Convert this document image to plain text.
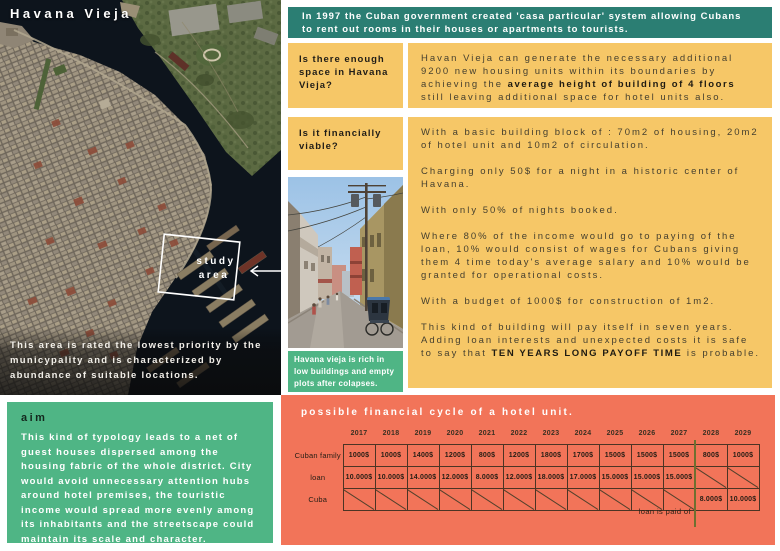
study
area
Havana Vieja
This area is rated the lowest priority by the municypality and is characterized by abundance of suitable locations.
In 1997 the Cuban government created 'casa particular' system allowing Cubans
to rent out rooms in their houses or apartments to tourists.
Is there enough space in Havana Vieja?

Havan Vieja can generate the necessary additional 9200 new housing units within its boundaries by achieving the average height of building of 4 floors still leaving additional space for hotel units also.

Is it financially viable?

With a basic building block of : 70m2 of housing, 20m2 of hotel unit and 10m2 of circulation.

Charging only 50$ for a night in a historic center of Havana.

With only 50% of nights booked.

Where 80% of the income would go to paying of the loan, 10% would consist of wages for Cubans giving them 4 time today's average salary and 10% would be granted for operational costs.

With a budget of 1000$ for construction of 1m2.

This kind of building will pay itself in seven years. Adding loan interests and unexpected costs it is safe to say that TEN YEARS LONG PAYOFF TIME is probable.

Havana vieja is rich in low buildings and empty plots after colapses.
aim
This kind of typology leads to a net of guest houses dispersed among the housing fabric of the whole district. City would avoid unnecessary attention hubs around hotel premises, the touristic income would spread more evenly among its inhabitants and the streetscape could maintain its scale and character.
possible financial cycle of a hotel unit.
	2017	2018	2019	2020	2021	2022	2023	2024	2025	2026	2027	2028	2029
Cuban family	1000$	1000$	1400$	1200$	800$	1200$	1800$	1700$	1500$	1500$	1500$	800$	1000$
loan	10.000$	10.000$	14.000$	12.000$	8.000$	12.000$	18.000$	17.000$	15.000$	15.000$	15.000$	

Cuba												8.000$	10.000$
loan is paid of
